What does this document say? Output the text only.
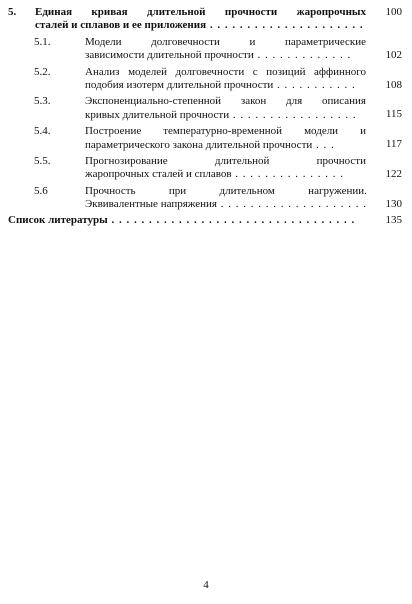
5.	Единая кривая длительной прочности жаропрочных
сталей и сплавов и ее приложения . . . . . . . . . . . . . . . . . . . . .
100
5.1.	Модели долговечности и параметрические
зависимости длительной прочности . . . . . . . . . . . . .	102
5.2.	Анализ моделей долговечности с позиций аффинного
подобия изотерм длительной прочности . . . . . . . . . . .	108
5.3.	Экспоненциально-степенной закон для описания
кривых длительной прочности . . . . . . . . . . . . . . . . .	115
5.4.	Построение температурно-временной модели и
параметрического закона длительной прочности . . .	117
5.5.	Прогнозирование длительной прочности
жаропрочных сталей и сплавов . . . . . . . . . . . . . . .	122
5.6	Прочность при длительном нагружении.
Эквивалентные напряжения . . . . . . . . . . . . . . . . . . . .	130
Список литературы . . . . . . . . . . . . . . . . . . . . . . . . . . . . . . . . .	135
4
